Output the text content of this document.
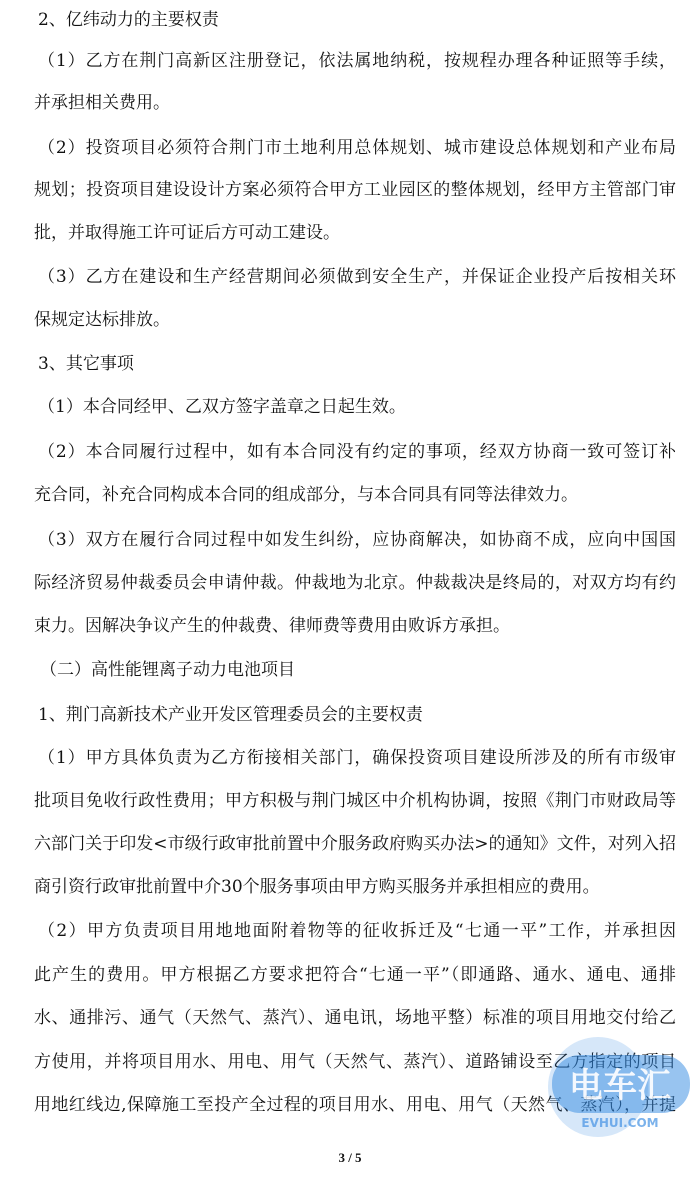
2、亿纬动力的主要权责
（1）乙方在荆门高新区注册登记，依法属地纳税，按规程办理各种证照等手续，
并承担相关费用。
（2）投资项目必须符合荆门市土地利用总体规划、城市建设总体规划和产业布局
规划；投资项目建设设计方案必须符合甲方工业园区的整体规划，经甲方主管部门审
批，并取得施工许可证后方可动工建设。
（3）乙方在建设和生产经营期间必须做到安全生产，并保证企业投产后按相关环
保规定达标排放。
3、其它事项
（1）本合同经甲、乙双方签字盖章之日起生效。
（2）本合同履行过程中，如有本合同没有约定的事项，经双方协商一致可签订补
充合同，补充合同构成本合同的组成部分，与本合同具有同等法律效力。
（3）双方在履行合同过程中如发生纠纷，应协商解决，如协商不成，应向中国国
际经济贸易仲裁委员会申请仲裁。仲裁地为北京。仲裁裁决是终局的，对双方均有约
束力。因解决争议产生的仲裁费、律师费等费用由败诉方承担。
（二）高性能锂离子动力电池项目
1、荆门高新技术产业开发区管理委员会的主要权责
（1）甲方具体负责为乙方衔接相关部门，确保投资项目建设所涉及的所有市级审
批项目免收行政性费用；甲方积极与荆门城区中介机构协调，按照《荆门市财政局等
六部门关于印发<市级行政审批前置中介服务政府购买办法>的通知》文件，对列入招
商引资行政审批前置中介30个服务事项由甲方购买服务并承担相应的费用。
（2）甲方负责项目用地地面附着物等的征收拆迁及“七通一平”工作，并承担因
此产生的费用。甲方根据乙方要求把符合“七通一平”（即通路、通水、通电、通排
水、通排污、通气（天然气、蒸汽）、通电讯，场地平整）标准的项目用地交付给乙
方使用，并将项目用水、用电、用气（天然气、蒸汽）、道路铺设至乙方指定的项目
用地红线边,保障施工至投产全过程的项目用水、用电、用气（天然气、蒸汽），并提
3 / 5
电车汇
EVHUI.COM
